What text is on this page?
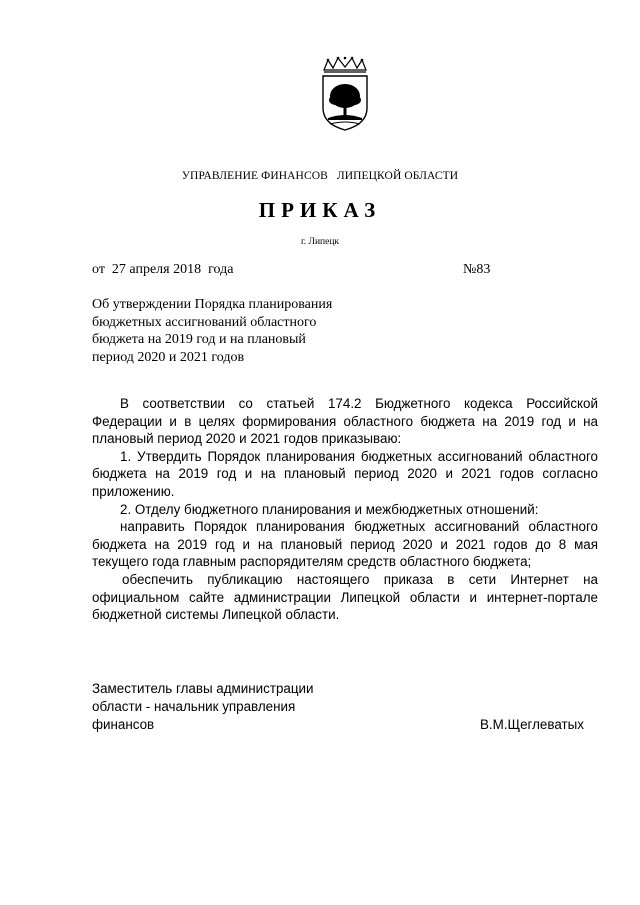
УПРАВЛЕНИЕ ФИНАНСОВ   ЛИПЕЦКОЙ ОБЛАСТИ
ПРИКАЗ
г. Липецк
от  27 апреля 2018  года	№83
Об утверждении Порядка планирования
бюджетных ассигнований областного
бюджета на 2019 год и на плановый
период 2020 и 2021 годов

В соответствии со статьей 174.2 Бюджетного кодекса Российской Федерации и в целях формирования областного бюджета на 2019 год и на плановый период 2020 и 2021 годов приказываю:

1. Утвердить Порядок планирования бюджетных ассигнований областного бюджета на 2019 год и на плановый период 2020 и 2021 годов согласно приложению.

2. Отделу бюджетного планирования и межбюджетных отношений:

направить Порядок планирования бюджетных ассигнований областного бюджета на 2019 год и на плановый период 2020 и 2021 годов до 8 мая текущего года главным распорядителям средств областного бюджета;

обеспечить публикацию настоящего приказа в сети Интернет на официальном сайте администрации Липецкой области и интернет-портале бюджетной системы Липецкой области.

Заместитель главы администрации
области - начальник управления
финансов	В.М.Щеглеватых
